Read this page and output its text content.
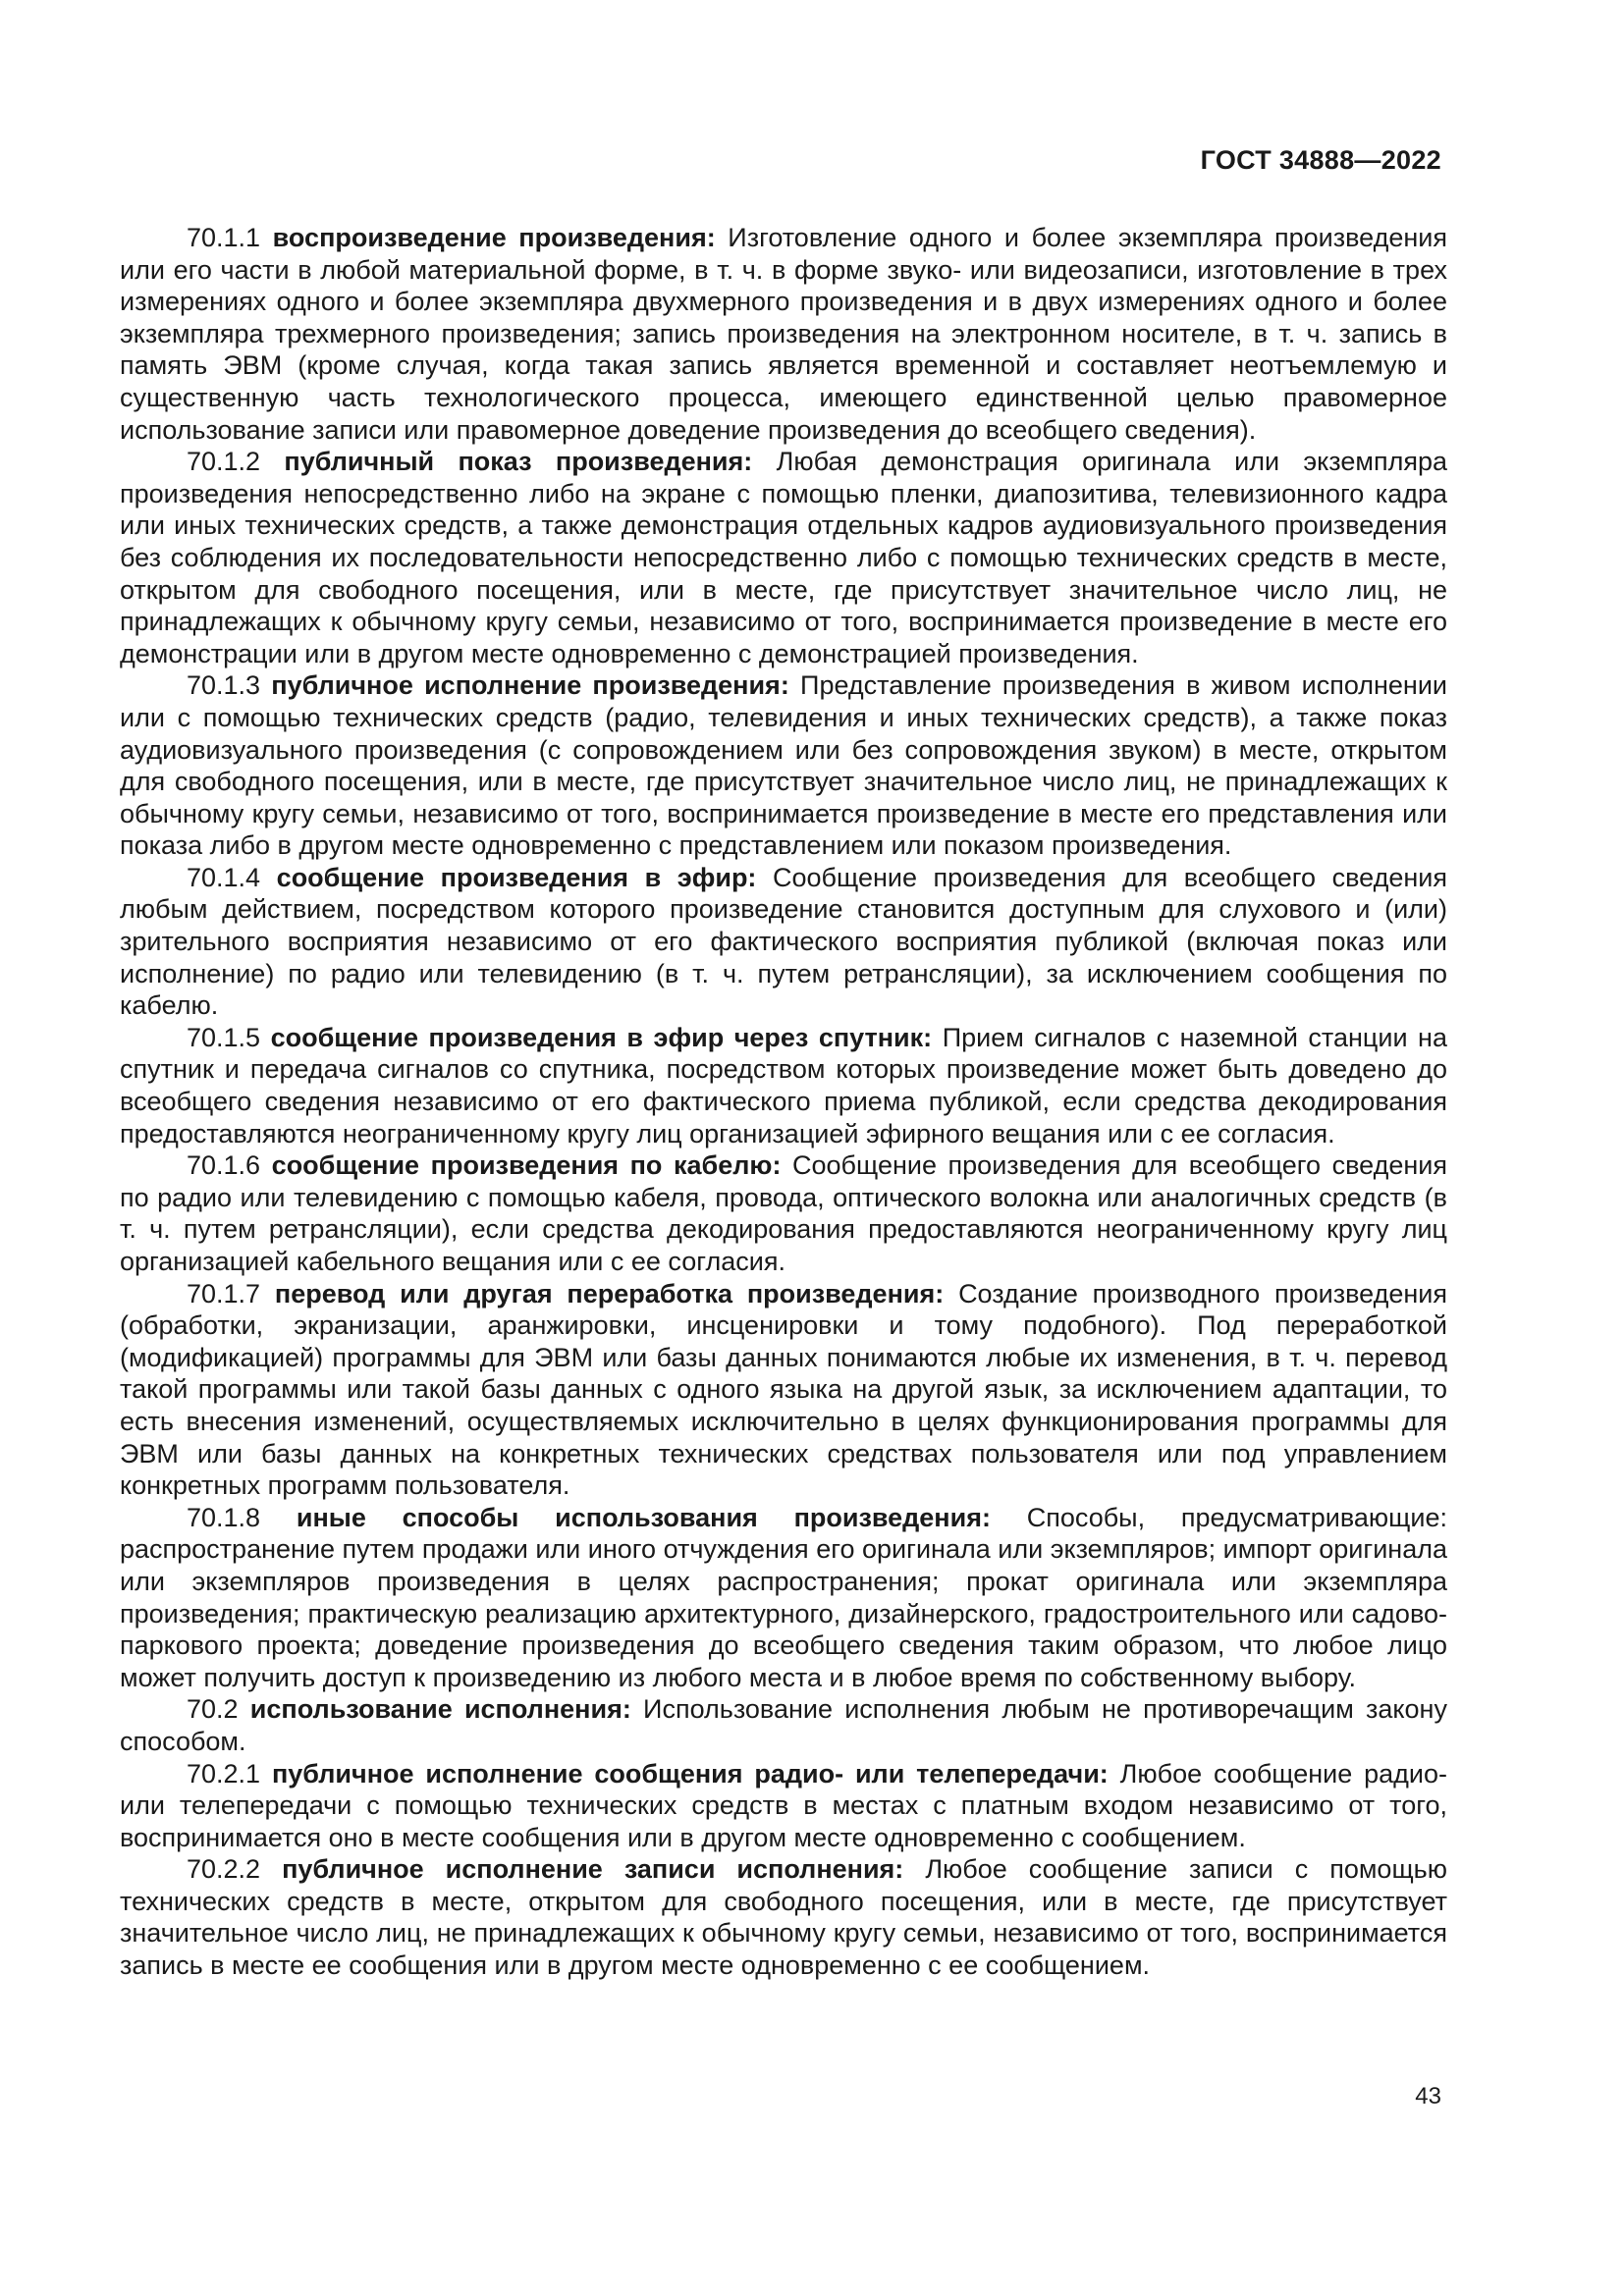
ГОСТ 34888—2022

70.1.1 воспроизведение произведения: Изготовление одного и более экземпляра произведения или его части в любой материальной форме, в т. ч. в форме звуко- или видеозаписи, изготовление в трех измерениях одного и более экземпляра двухмерного произведения и в двух измерениях одного и более экземпляра трехмерного произведения; запись произведения на электронном носителе, в т. ч. запись в память ЭВМ (кроме случая, когда такая запись является временной и составляет неотъемлемую и существенную часть технологического процесса, имеющего единственной целью правомерное использование записи или правомерное доведение произведения до всеобщего сведения).

70.1.2 публичный показ произведения: Любая демонстрация оригинала или экземпляра произведения непосредственно либо на экране с помощью пленки, диапозитива, телевизионного кадра или иных технических средств, а также демонстрация отдельных кадров аудиовизуального произведения без соблюдения их последовательности непосредственно либо с помощью технических средств в месте, открытом для свободного посещения, или в месте, где присутствует значительное число лиц, не принадлежащих к обычному кругу семьи, независимо от того, воспринимается произведение в месте его демонстрации или в другом месте одновременно с демонстрацией произведения.

70.1.3 публичное исполнение произведения: Представление произведения в живом исполнении или с помощью технических средств (радио, телевидения и иных технических средств), а также показ аудиовизуального произведения (с сопровождением или без сопровождения звуком) в месте, открытом для свободного посещения, или в месте, где присутствует значительное число лиц, не принадлежащих к обычному кругу семьи, независимо от того, воспринимается произведение в месте его представления или показа либо в другом месте одновременно с представлением или показом произведения.

70.1.4 сообщение произведения в эфир: Сообщение произведения для всеобщего сведения любым действием, посредством которого произведение становится доступным для слухового и (или) зрительного восприятия независимо от его фактического восприятия публикой (включая показ или исполнение) по радио или телевидению (в т. ч. путем ретрансляции), за исключением сообщения по кабелю.

70.1.5 сообщение произведения в эфир через спутник: Прием сигналов с наземной станции на спутник и передача сигналов со спутника, посредством которых произведение может быть доведено до всеобщего сведения независимо от его фактического приема публикой, если средства декодирования предоставляются неограниченному кругу лиц организацией эфирного вещания или с ее согласия.

70.1.6 сообщение произведения по кабелю: Сообщение произведения для всеобщего сведения по радио или телевидению с помощью кабеля, провода, оптического волокна или аналогичных средств (в т. ч. путем ретрансляции), если средства декодирования предоставляются неограниченному кругу лиц организацией кабельного вещания или с ее согласия.

70.1.7 перевод или другая переработка произведения: Создание производного произведения (обработки, экранизации, аранжировки, инсценировки и тому подобного). Под переработкой (модификацией) программы для ЭВМ или базы данных понимаются любые их изменения, в т. ч. перевод такой программы или такой базы данных с одного языка на другой язык, за исключением адаптации, то есть внесения изменений, осуществляемых исключительно в целях функционирования программы для ЭВМ или базы данных на конкретных технических средствах пользователя или под управлением конкретных программ пользователя.

70.1.8 иные способы использования произведения: Способы, предусматривающие: распространение путем продажи или иного отчуждения его оригинала или экземпляров; импорт оригинала или экземпляров произведения в целях распространения; прокат оригинала или экземпляра произведения; практическую реализацию архитектурного, дизайнерского, градостроительного или садово-паркового проекта; доведение произведения до всеобщего сведения таким образом, что любое лицо может получить доступ к произведению из любого места и в любое время по собственному выбору.

70.2 использование исполнения: Использование исполнения любым не противоречащим закону способом.

70.2.1 публичное исполнение сообщения радио- или телепередачи: Любое сообщение радио- или телепередачи с помощью технических средств в местах с платным входом независимо от того, воспринимается оно в месте сообщения или в другом месте одновременно с сообщением.

70.2.2 публичное исполнение записи исполнения: Любое сообщение записи с помощью технических средств в месте, открытом для свободного посещения, или в месте, где присутствует значительное число лиц, не принадлежащих к обычному кругу семьи, независимо от того, воспринимается запись в месте ее сообщения или в другом месте одновременно с ее сообщением.

43
